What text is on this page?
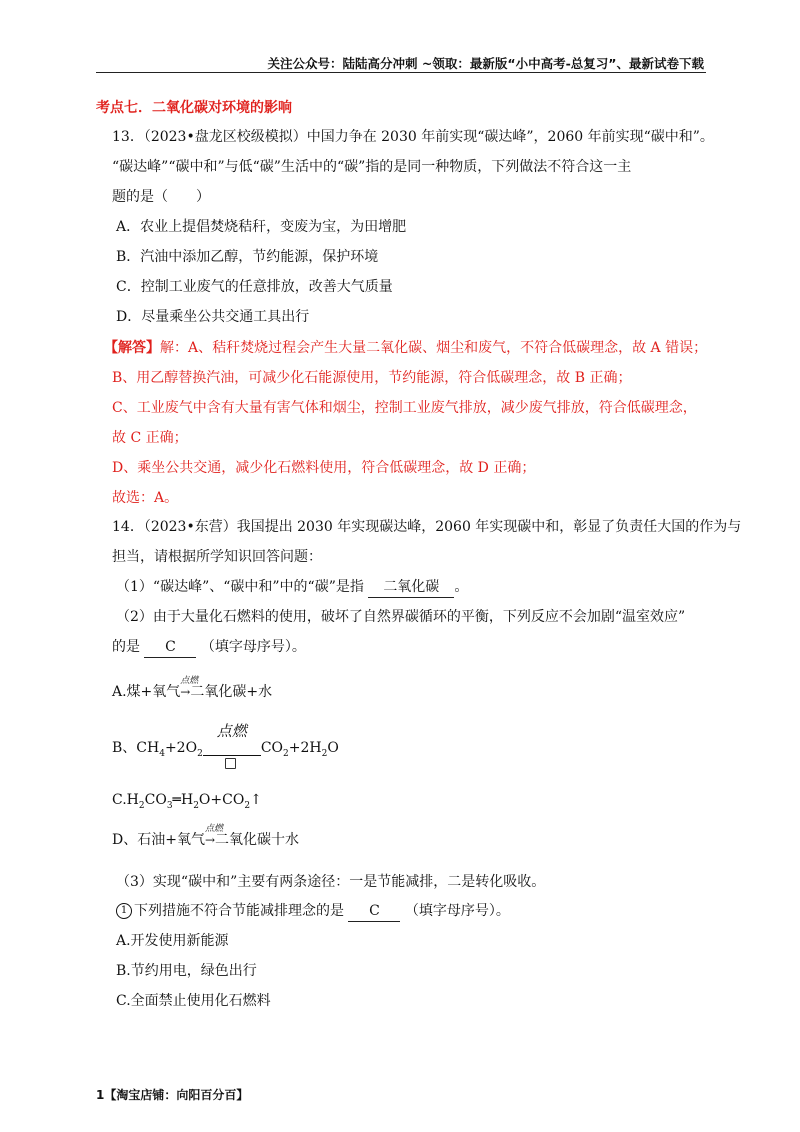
关注公众号：陆陆高分冲刺 ~领取：最新版“小中高考-总复习”、最新试卷下载
考点七．二氧化碳对环境的影响
13．（2023•盘龙区校级模拟）中国力争在 2030 年前实现“碳达峰”，2060 年前实现“碳中和”。
“碳达峰”“碳中和”与低“碳”生活中的“碳”指的是同一种物质，下列做法不符合这一主
题的是（　　）
A．农业上提倡焚烧秸秆，变废为宝，为田增肥
B．汽油中添加乙醇，节约能源，保护环境
C．控制工业废气的任意排放，改善大气质量
D．尽量乘坐公共交通工具出行
【解答】解：A、秸秆焚烧过程会产生大量二氧化碳、烟尘和废气，不符合低碳理念，故 A 错误；
B、用乙醇替换汽油，可减少化石能源使用，节约能源，符合低碳理念，故 B 正确；
C、工业废气中含有大量有害气体和烟尘，控制工业废气排放，减少废气排放，符合低碳理念，
故 C 正确；
D、乘坐公共交通，减少化石燃料使用，符合低碳理念，故 D 正确；
故选：A。
14．（2023•东营）我国提出 2030 年实现碳达峰，2060 年实现碳中和，彰显了负责任大国的作为与
担当，请根据所学知识回答问题：
（1）“碳达峰”、“碳中和”中的“碳”是指 二氧化碳 。
（2）由于大量化石燃料的使用，破坏了自然界碳循环的平衡，下列反应不会加剧“温室效应”
的是 C （填字母序号）。
A.煤+氧气
点燃
→二氧化碳+水
B、$CH_4+2O_2$
点燃
$CO_2+2H_2O$
$C.H_2CO_3═H_2O+CO_2↑$
D、石油+氧气
点燃
→二氧化碳十水
（3）实现“碳中和”主要有两条途径：一是节能减排，二是转化吸收。
1 下列措施不符合节能减排理念的是 C （填字母序号）。
A.开发使用新能源
B.节约用电，绿色出行
C.全面禁止使用化石燃料
1【淘宝店铺：向阳百分百】
